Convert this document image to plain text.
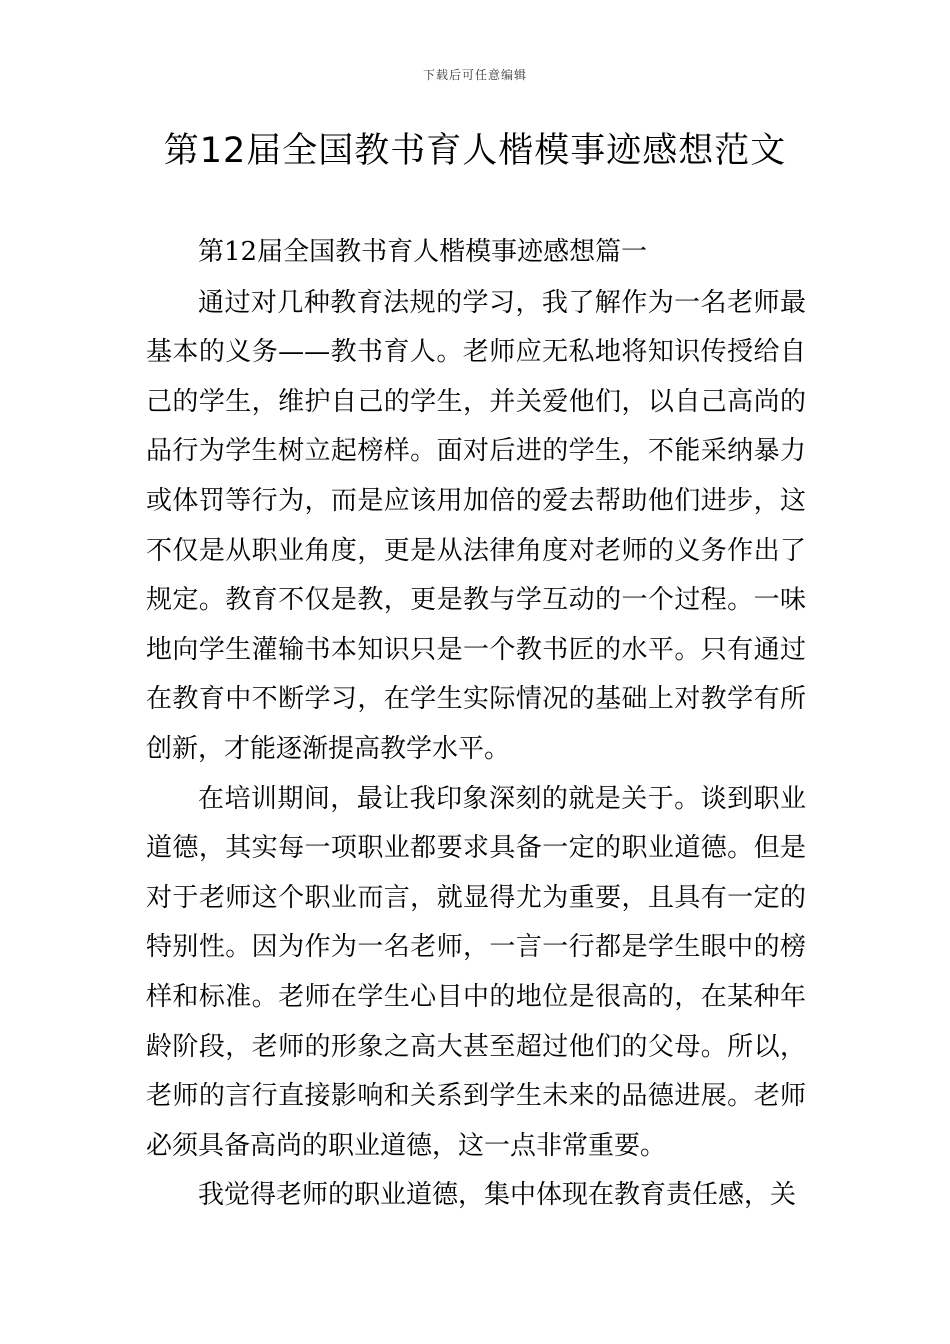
下载后可任意编辑
第12届全国教书育人楷模事迹感想范文

第12届全国教书育人楷模事迹感想篇一

通过对几种教育法规的学习，我了解作为一名老师最基本的义务——教书育人。老师应无私地将知识传授给自己的学生，维护自己的学生，并关爱他们，以自己高尚的品行为学生树立起榜样。面对后进的学生，不能采纳暴力或体罚等行为，而是应该用加倍的爱去帮助他们进步，这不仅是从职业角度，更是从法律角度对老师的义务作出了规定。教育不仅是教，更是教与学互动的一个过程。一味地向学生灌输书本知识只是一个教书匠的水平。只有通过在教育中不断学习，在学生实际情况的基础上对教学有所创新，才能逐渐提高教学水平。

在培训期间，最让我印象深刻的就是关于。谈到职业道德，其实每一项职业都要求具备一定的职业道德。但是对于老师这个职业而言，就显得尤为重要，且具有一定的特别性。因为作为一名老师，一言一行都是学生眼中的榜样和标准。老师在学生心目中的地位是很高的，在某种年龄阶段，老师的形象之高大甚至超过他们的父母。所以，老师的言行直接影响和关系到学生未来的品德进展。老师必须具备高尚的职业道德，这一点非常重要。

我觉得老师的职业道德，集中体现在教育责任感，关
